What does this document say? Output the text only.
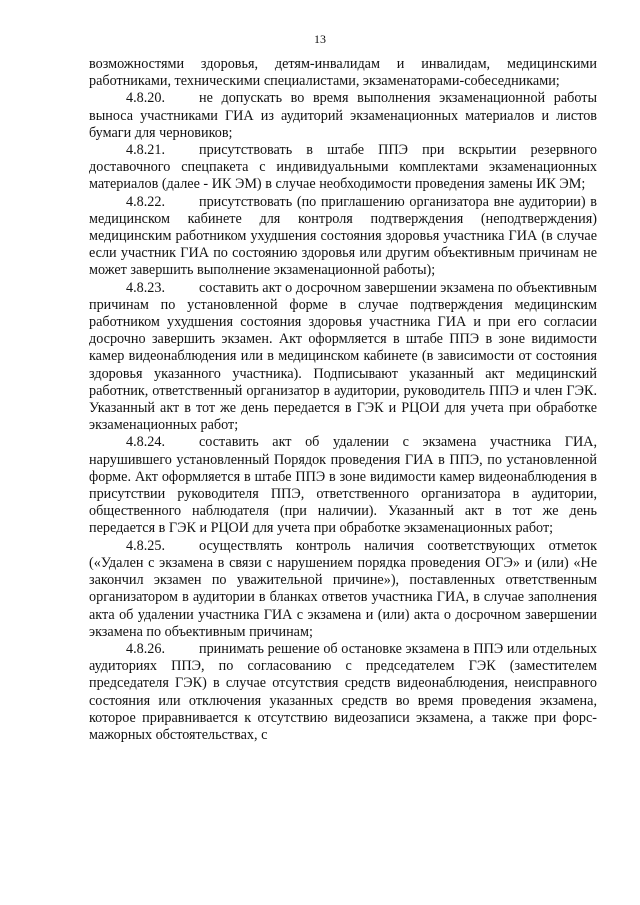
13

возможностями здоровья, детям-инвалидам и инвалидам, медицинскими работниками, техническими специалистами, экзаменаторами-собеседниками;

4.8.20. не допускать во время выполнения экзаменационной работы выноса участниками ГИА из аудиторий экзаменационных материалов и листов бумаги для черновиков;

4.8.21. присутствовать в штабе ППЭ при вскрытии резервного доставочного спецпакета с индивидуальными комплектами экзаменационных материалов (далее - ИК ЭМ) в случае необходимости проведения замены ИК ЭМ;

4.8.22. присутствовать (по приглашению организатора вне аудитории) в медицинском кабинете для контроля подтверждения (неподтверждения) медицинским работником ухудшения состояния здоровья участника ГИА (в случае если участник ГИА по состоянию здоровья или другим объективным причинам не может завершить выполнение экзаменационной работы);

4.8.23. составить акт о досрочном завершении экзамена по объективным причинам по установленной форме в случае подтверждения медицинским работником ухудшения состояния здоровья участника ГИА и при его согласии досрочно завершить экзамен. Акт оформляется в штабе ППЭ в зоне видимости камер видеонаблюдения или в медицинском кабинете (в зависимости от состояния здоровья указанного участника). Подписывают указанный акт медицинский работник, ответственный организатор в аудитории, руководитель ППЭ и член ГЭК. Указанный акт в тот же день передается в ГЭК и РЦОИ для учета при обработке экзаменационных работ;

4.8.24. составить акт об удалении с экзамена участника ГИА, нарушившего установленный Порядок проведения ГИА в ППЭ, по установленной форме. Акт оформляется в штабе ППЭ в зоне видимости камер видеонаблюдения в присутствии руководителя ППЭ, ответственного организатора в аудитории, общественного наблюдателя (при наличии). Указанный акт в тот же день передается в ГЭК и РЦОИ для учета при обработке экзаменационных работ;

4.8.25. осуществлять контроль наличия соответствующих отметок («Удален с экзамена в связи с нарушением порядка проведения ОГЭ» и (или) «Не закончил экзамен по уважительной причине»), поставленных ответственным организатором в аудитории в бланках ответов участника ГИА, в случае заполнения акта об удалении участника ГИА с экзамена и (или) акта о досрочном завершении экзамена по объективным причинам;

4.8.26. принимать решение об остановке экзамена в ППЭ или отдельных аудиториях ППЭ, по согласованию с председателем ГЭК (заместителем председателя ГЭК) в случае отсутствия средств видеонаблюдения, неисправного состояния или отключения указанных средств во время проведения экзамена, которое приравнивается к отсутствию видеозаписи экзамена, а также при форс-мажорных обстоятельствах, с
